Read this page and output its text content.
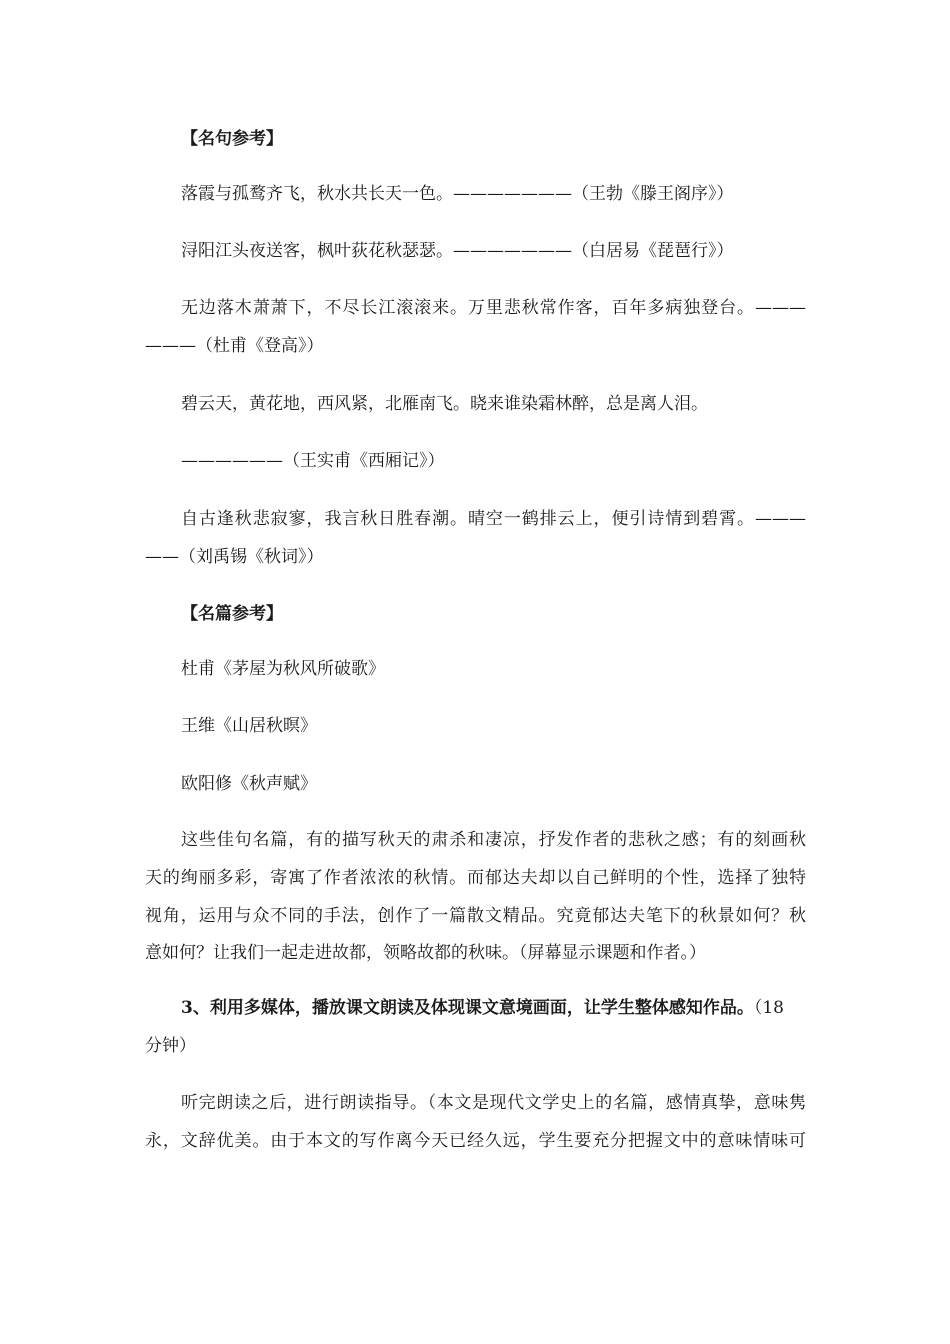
【名句参考】
落霞与孤鹜齐飞，秋水共长天一色。———————（王勃《滕王阁序》）
浔阳江头夜送客，枫叶荻花秋瑟瑟。———————（白居易《琵琶行》）
无边落木萧萧下，不尽长江滚滚来。万里悲秋常作客，百年多病独登台。———
———（杜甫《登高》）
碧云天，黄花地，西风紧，北雁南飞。晓来谁染霜林醉，总是离人泪。
——————（王实甫《西厢记》）
自古逢秋悲寂寥，我言秋日胜春潮。晴空一鹤排云上，便引诗情到碧霄。———
——（刘禹锡《秋词》）
【名篇参考】
杜甫《茅屋为秋风所破歌》
王维《山居秋暝》
欧阳修《秋声赋》
这些佳句名篇，有的描写秋天的肃杀和凄凉，抒发作者的悲秋之感；有的刻画秋
天的绚丽多彩，寄寓了作者浓浓的秋情。而郁达夫却以自己鲜明的个性，选择了独特
视角，运用与众不同的手法，创作了一篇散文精品。究竟郁达夫笔下的秋景如何？秋
意如何？让我们一起走进故都，领略故都的秋味。（屏幕显示课题和作者。）
3、利用多媒体，播放课文朗读及体现课文意境画面，让学生整体感知作品。（18
分钟）
听完朗读之后，进行朗读指导。（本文是现代文学史上的名篇，感情真挚，意味隽
永，文辞优美。由于本文的写作离今天已经久远，学生要充分把握文中的意味情味可
